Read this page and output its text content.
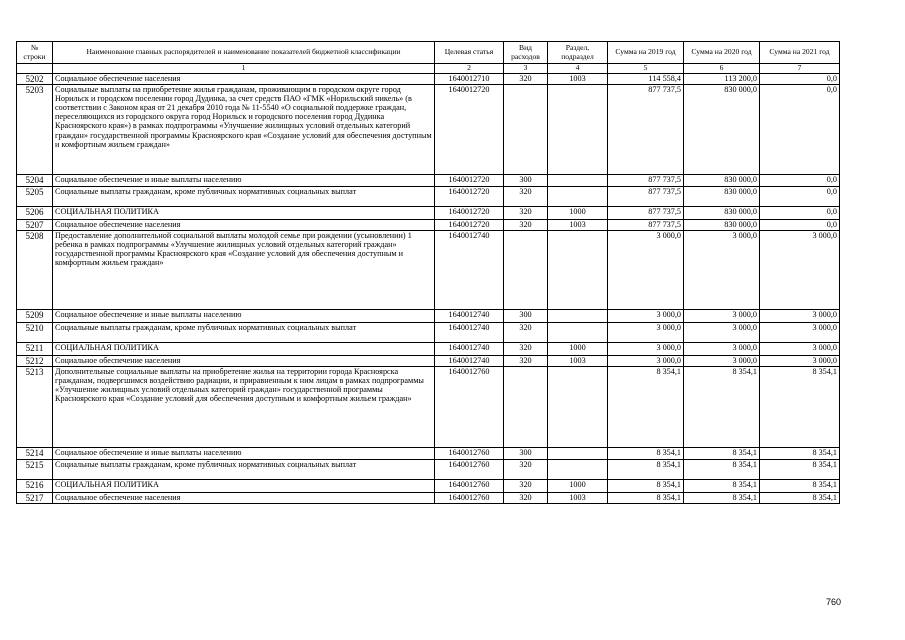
№
строки	Наименование главных распорядителей и наименование показателей бюджетной классификации	Целевая статья	Вид расходов	Раздел, подраздел	Сумма на 2019 год	Сумма на 2020 год	Сумма на 2021 год
	1	2	3	4	5	6	7
5202	Социальное обеспечение населения	1640012710	320	1003	114 558,4	113 200,0	0,0
5203	Социальные выплаты на приобретение жилья гражданам, проживающим в городском округе город Норильск и городском поселении город Дудинка, за счет средств ПАО «ГМК «Норильский никель» (в соответствии с Законом края от 21 декабря 2010 года № 11-5540 «О социальной поддержке граждан, переселяющихся из городского округа город Норильск и городского поселения город Дудинка Красноярского края») в рамках подпрограммы «Улучшение жилищных условий отдельных категорий граждан» государственной программы Красноярского края «Создание условий для обеспечения доступным и комфортным жильем граждан»	1640012720			877 737,5	830 000,0	0,0
5204	Социальное обеспечение и иные выплаты населению	1640012720	300		877 737,5	830 000,0	0,0
5205	Социальные выплаты гражданам, кроме публичных нормативных социальных выплат	1640012720	320		877 737,5	830 000,0	0,0
5206	СОЦИАЛЬНАЯ ПОЛИТИКА	1640012720	320	1000	877 737,5	830 000,0	0,0
5207	Социальное обеспечение населения	1640012720	320	1003	877 737,5	830 000,0	0,0
5208	Предоставление дополнительной социальной выплаты молодой семье при рождении (усыновлении) 1 ребенка в рамках подпрограммы «Улучшение жилищных условий отдельных категорий граждан» государственной программы Красноярского края «Создание условий для обеспечения доступным и комфортным жильем граждан»	1640012740			3 000,0	3 000,0	3 000,0
5209	Социальное обеспечение и иные выплаты населению	1640012740	300		3 000,0	3 000,0	3 000,0
5210	Социальные выплаты гражданам, кроме публичных нормативных социальных выплат	1640012740	320		3 000,0	3 000,0	3 000,0
5211	СОЦИАЛЬНАЯ ПОЛИТИКА	1640012740	320	1000	3 000,0	3 000,0	3 000,0
5212	Социальное обеспечение населения	1640012740	320	1003	3 000,0	3 000,0	3 000,0
5213	Дополнительные социальные выплаты на приобретение жилья на территории города Красноярска гражданам, подвергшимся воздействию радиации, и приравненным к ним лицам в рамках подпрограммы «Улучшение жилищных условий отдельных категорий граждан» государственной программы Красноярского края «Создание условий для обеспечения доступным и комфортным жильем граждан»	1640012760			8 354,1	8 354,1	8 354,1
5214	Социальное обеспечение и иные выплаты населению	1640012760	300		8 354,1	8 354,1	8 354,1
5215	Социальные выплаты гражданам, кроме публичных нормативных социальных выплат	1640012760	320		8 354,1	8 354,1	8 354,1
5216	СОЦИАЛЬНАЯ ПОЛИТИКА	1640012760	320	1000	8 354,1	8 354,1	8 354,1
5217	Социальное обеспечение населения	1640012760	320	1003	8 354,1	8 354,1	8 354,1
760
